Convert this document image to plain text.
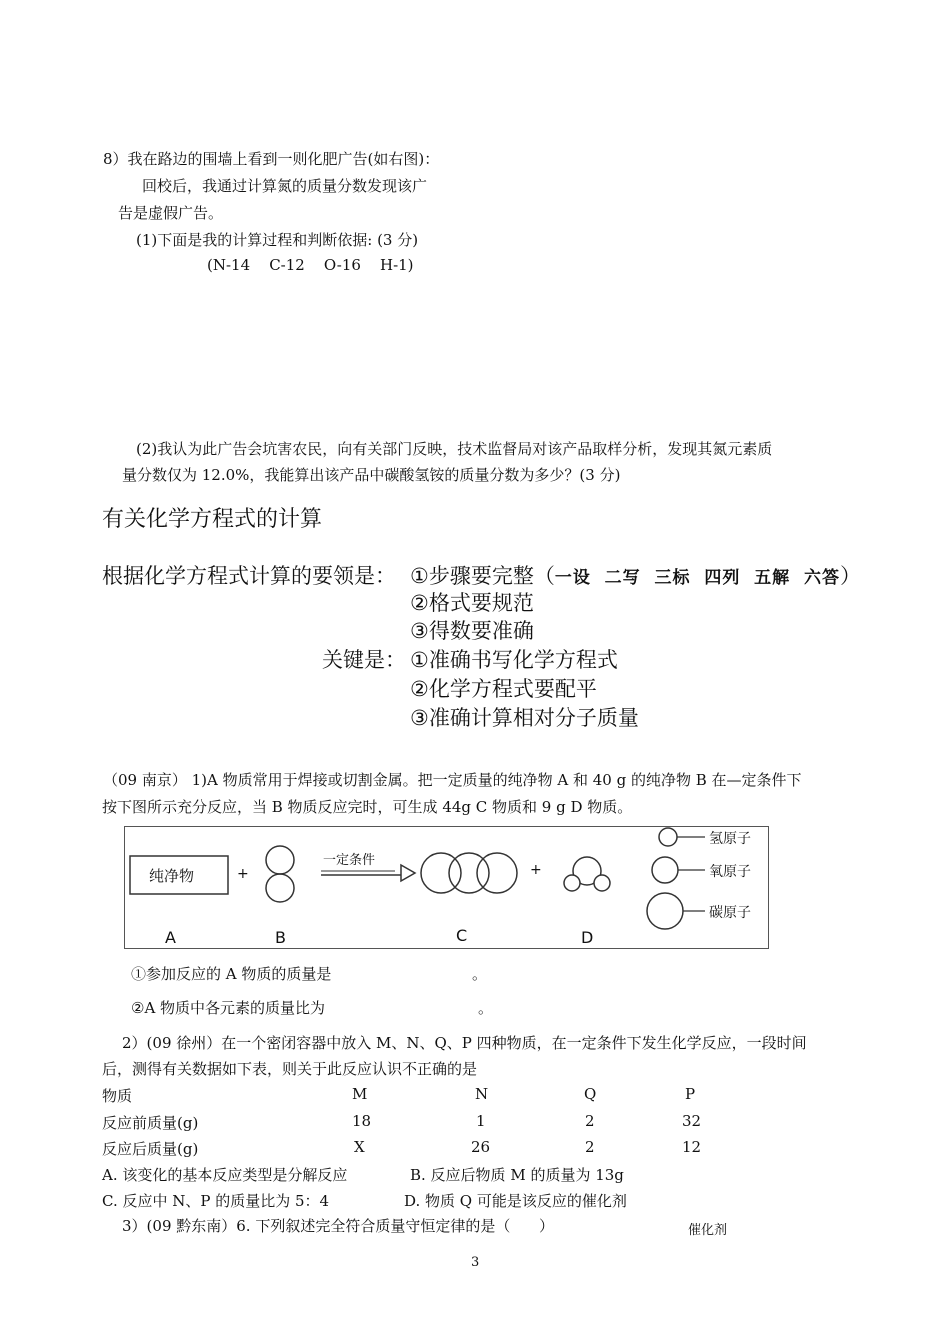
8）我在路边的围墙上看到一则化肥广告(如右图)：
回校后，我通过计算氮的质量分数发现该广
告是虚假广告。
(1)下面是我的计算过程和判断依据: (3 分)
(N-14    C-12    O-16    H-1)
(2)我认为此广告会坑害农民，向有关部门反映，技术监督局对该产品取样分析，发现其氮元素质
量分数仅为 12.0%，我能算出该产品中碳酸氢铵的质量分数为多少？(3 分)
有关化学方程式的计算
根据化学方程式计算的要领是： ①步骤要完整（一设  二写  三标  四列  五解  六答）
②格式要规范
③得数要准确
关键是： ①准确书写化学方程式
②化学方程式要配平
③准确计算相对分子质量
（09 南京） 1)A 物质常用于焊接或切割金属。把一定质量的纯净物 A 和 40 g 的纯净物 B 在—定条件下
按下图所示充分反应，当 B 物质反应完时，可生成 44g C 物质和 9 g D 物质。
纯净物	+	+
一定条件
A	B	C	D
氢原子
氧原子
碳原子
①参加反应的 A 物质的质量是	。
②A 物质中各元素的质量比为	。
2）(09 徐州）在一个密闭容器中放入 M、N、Q、P 四种物质，在一定条件下发生化学反应，一段时间
后，测得有关数据如下表，则关于此反应认识不正确的是
物质	M	N	Q	P
反应前质量(g)	18	1	2	32
反应后质量(g)	X	26	2	12
A. 该变化的基本反应类型是分解反应	B. 反应后物质 M 的质量为 13g
C. 反应中 N、P 的质量比为 5：4	D. 物质 Q 可能是该反应的催化剂
3）(09 黔东南）6. 下列叙述完全符合质量守恒定律的是（      ）	催化剂
3
